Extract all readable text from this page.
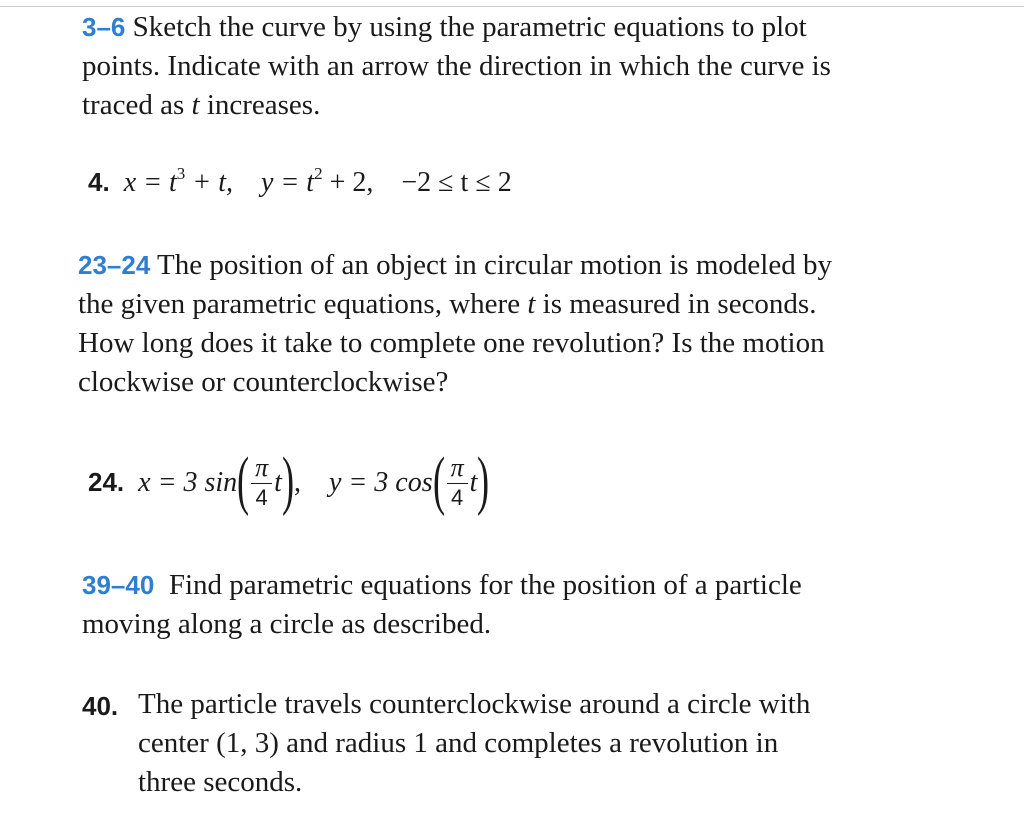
3–6 Sketch the curve by using the parametric equations to plot
points. Indicate with an arrow the direction in which the curve is
traced as t increases.
4. $x = t^3 + t$, $y = t^2 + 2$, −2 ≤ t ≤ 2
23–24 The position of an object in circular motion is modeled by
the given parametric equations, where t is measured in seconds.
How long does it take to complete one revolution? Is the motion
clockwise or counterclockwise?
24. x = 3 $\sin( \frac{\pi}{4} t)$, y = 3 $\cos( \frac{\pi}{4} t)$
39–40 Find parametric equations for the position of a particle
moving along a circle as described.
40. The particle travels counterclockwise around a circle with
center (1, 3) and radius 1 and completes a revolution in
three seconds.
